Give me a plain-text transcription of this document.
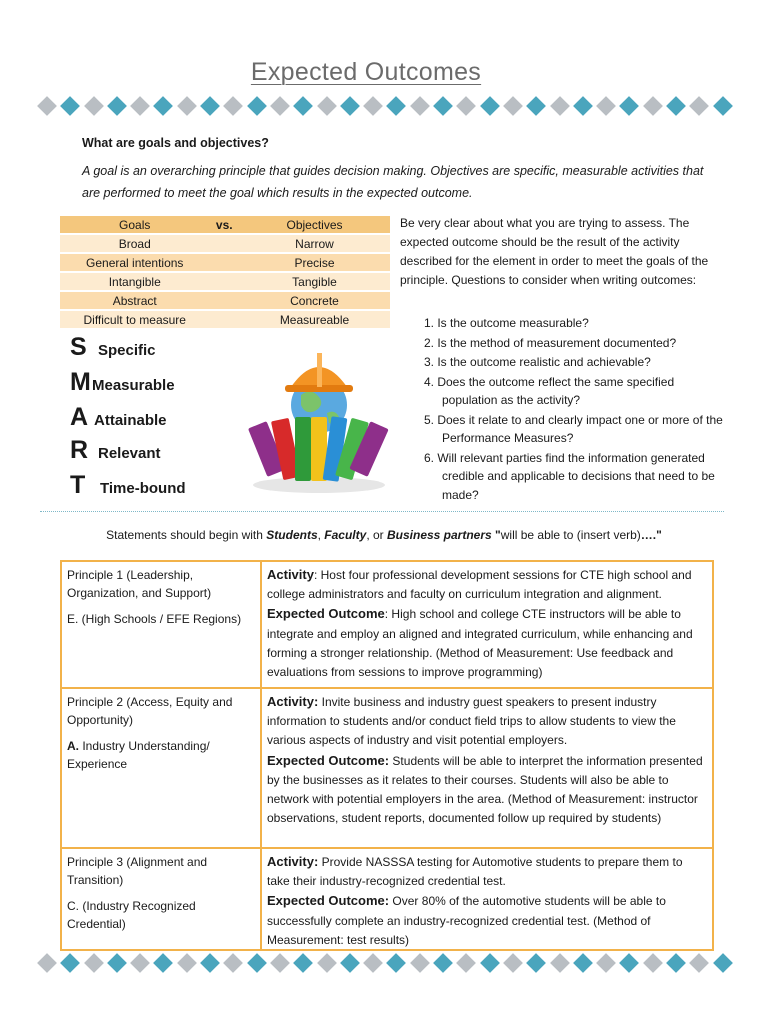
Expected Outcomes
What are goals and objectives?
A goal is an overarching principle that guides decision making. Objectives are specific, measurable activities that are performed to meet the goal which results in the expected outcome.
Goals	vs.	Objectives
Broad		Narrow
General intentions		Precise
Intangible		Tangible
Abstract		Concrete
Difficult to measure		Measureable
S Specific
M Measurable
A Attainable
R Relevant
T Time-bound
Be very clear about what you are trying to assess. The expected outcome should be the result of the activity described for the element in order to meet the goals of the principle. Questions to consider when writing outcomes:
1. Is the outcome measurable?
2. Is the method of measurement documented?
3. Is the outcome realistic and achievable?
4. Does the outcome reflect the same specified population as the activity?
5. Does it relate to and clearly impact one or more of the Performance Measures?
6. Will relevant parties find the information generated credible and applicable to decisions that need to be made?
Statements should begin with Students, Faculty, or Business partners "will be able to (insert verb)…."

Principle 1 (Leadership, Organization, and Support)

E. (High Schools / EFE Regions)

Activity: Host four professional development sessions for CTE high school and college administrators and faculty on curriculum integration and alignment.
Expected Outcome: High school and college CTE instructors will be able to integrate and employ an aligned and integrated curriculum, while enhancing and forming a stronger relationship. (Method of Measurement: Use feedback and evaluations from sessions to improve programming)

Principle 2 (Access, Equity and Opportunity)

A. Industry Understanding/ Experience

Activity: Invite business and industry guest speakers to present industry information to students and/or conduct field trips to allow students to view the various aspects of industry and visit potential employers.
Expected Outcome: Students will be able to interpret the information presented by the businesses as it relates to their courses. Students will also be able to network with potential employers in the area. (Method of Measurement: instructor observations, student reports, documented follow up required by students)

Principle 3 (Alignment and Transition)

C. (Industry Recognized Credential)

Activity: Provide NASSSA testing for Automotive students to prepare them to take their industry-recognized credential test.
Expected Outcome: Over 80% of the automotive students will be able to successfully complete an industry-recognized credential test. (Method of Measurement: test results)
